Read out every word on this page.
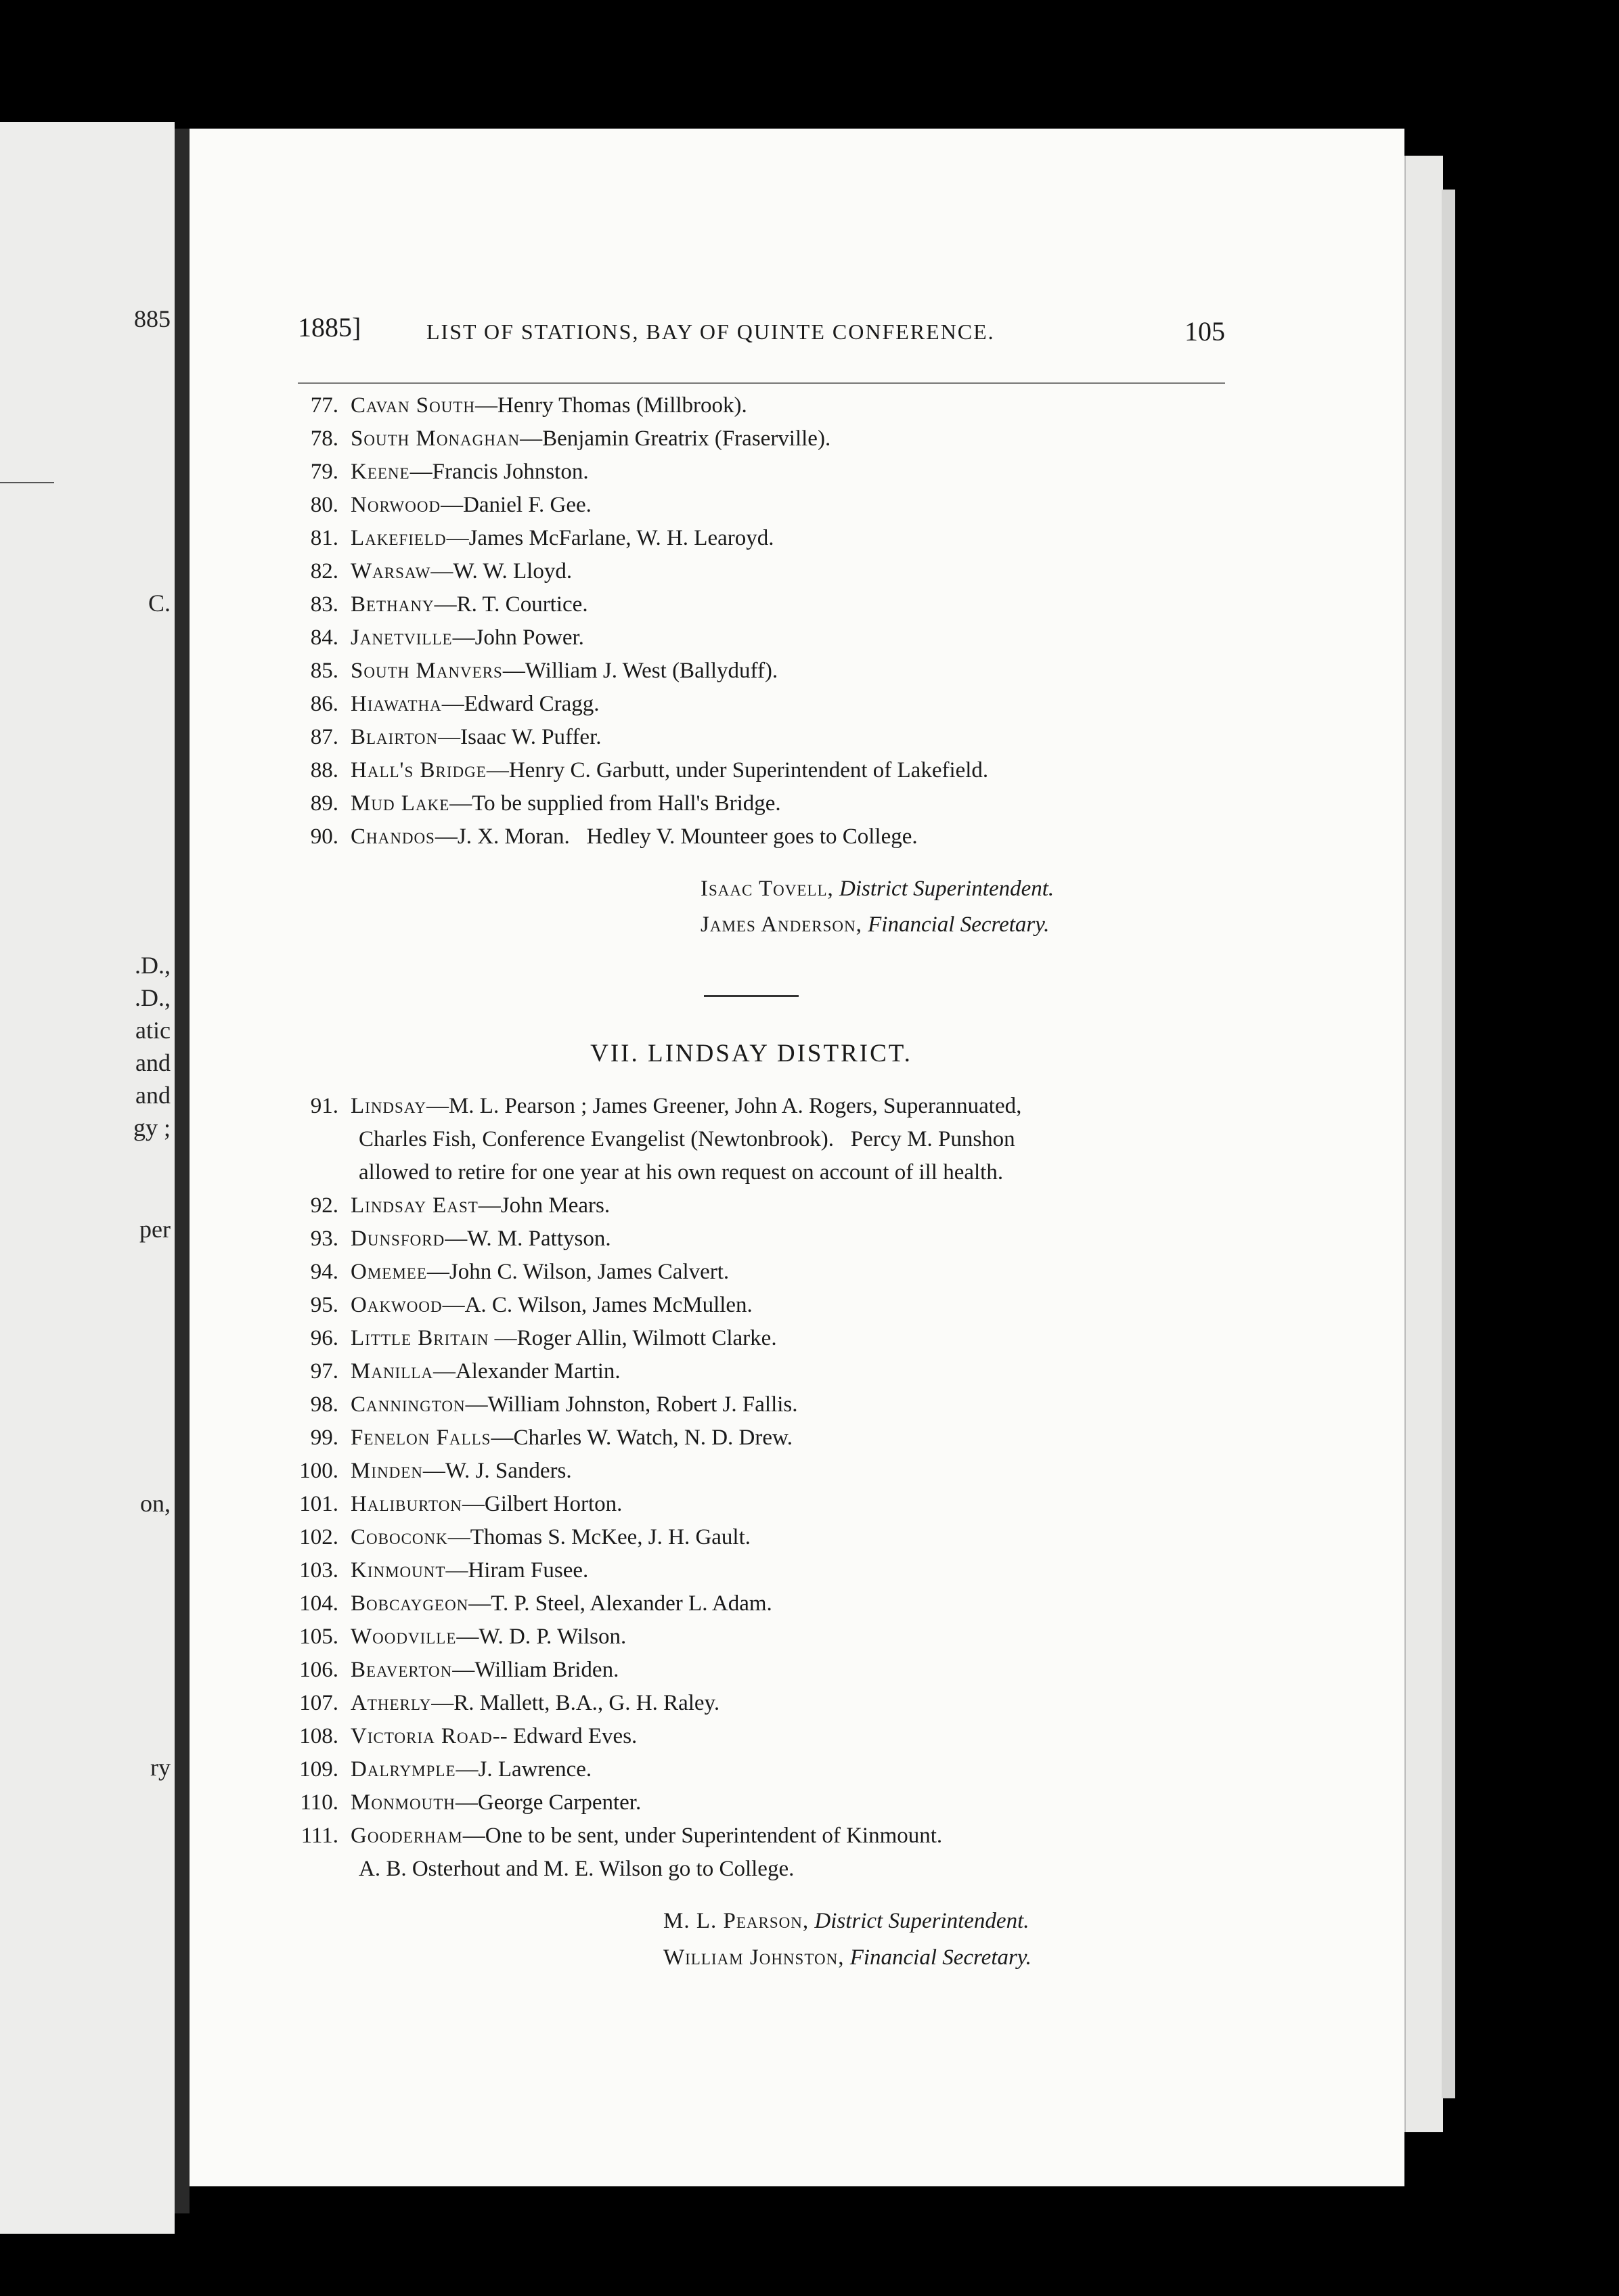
885
C.
.D.,
.D.,
atic
and
and
gy ;
per
on,
ry
1885]	LIST OF STATIONS, BAY OF QUINTE CONFERENCE.	105
77. Cavan South—Henry Thomas (Millbrook).
78. South Monaghan—Benjamin Greatrix (Fraserville).
79. Keene—Francis Johnston.
80. Norwood—Daniel F. Gee.
81. Lakefield—James McFarlane, W. H. Learoyd.
82. Warsaw—W. W. Lloyd.
83. Bethany—R. T. Courtice.
84. Janetville—John Power.
85. South Manvers—William J. West (Ballyduff).
86. Hiawatha—Edward Cragg.
87. Blairton—Isaac W. Puffer.
88. Hall's Bridge—Henry C. Garbutt, under Superintendent of Lakefield.
89. Mud Lake—To be supplied from Hall's Bridge.
90. Chandos—J. X. Moran.   Hedley V. Mounteer goes to College.
Isaac Tovell, District Superintendent.
James Anderson, Financial Secretary.
VII. LINDSAY DISTRICT.
91. Lindsay—M. L. Pearson ; James Greener, John A. Rogers, Superannuated,
Charles Fish, Conference Evangelist (Newtonbrook).   Percy M. Punshon
allowed to retire for one year at his own request on account of ill health.
92. Lindsay East—John Mears.
93. Dunsford—W. M. Pattyson.
94. Omemee—John C. Wilson, James Calvert.
95. Oakwood—A. C. Wilson, James McMullen.
96. Little Britain —Roger Allin, Wilmott Clarke.
97. Manilla—Alexander Martin.
98. Cannington—William Johnston, Robert J. Fallis.
99. Fenelon Falls—Charles W. Watch, N. D. Drew.
100. Minden—W. J. Sanders.
101. Haliburton—Gilbert Horton.
102. Coboconk—Thomas S. McKee, J. H. Gault.
103. Kinmount—Hiram Fusee.
104. Bobcaygeon—T. P. Steel, Alexander L. Adam.
105. Woodville—W. D. P. Wilson.
106. Beaverton—William Briden.
107. Atherly—R. Mallett, B.A., G. H. Raley.
108. Victoria Road-- Edward Eves.
109. Dalrymple—J. Lawrence.
110. Monmouth—George Carpenter.
111. Gooderham—One to be sent, under Superintendent of Kinmount.
A. B. Osterhout and M. E. Wilson go to College.
M. L. Pearson, District Superintendent.
William Johnston, Financial Secretary.
